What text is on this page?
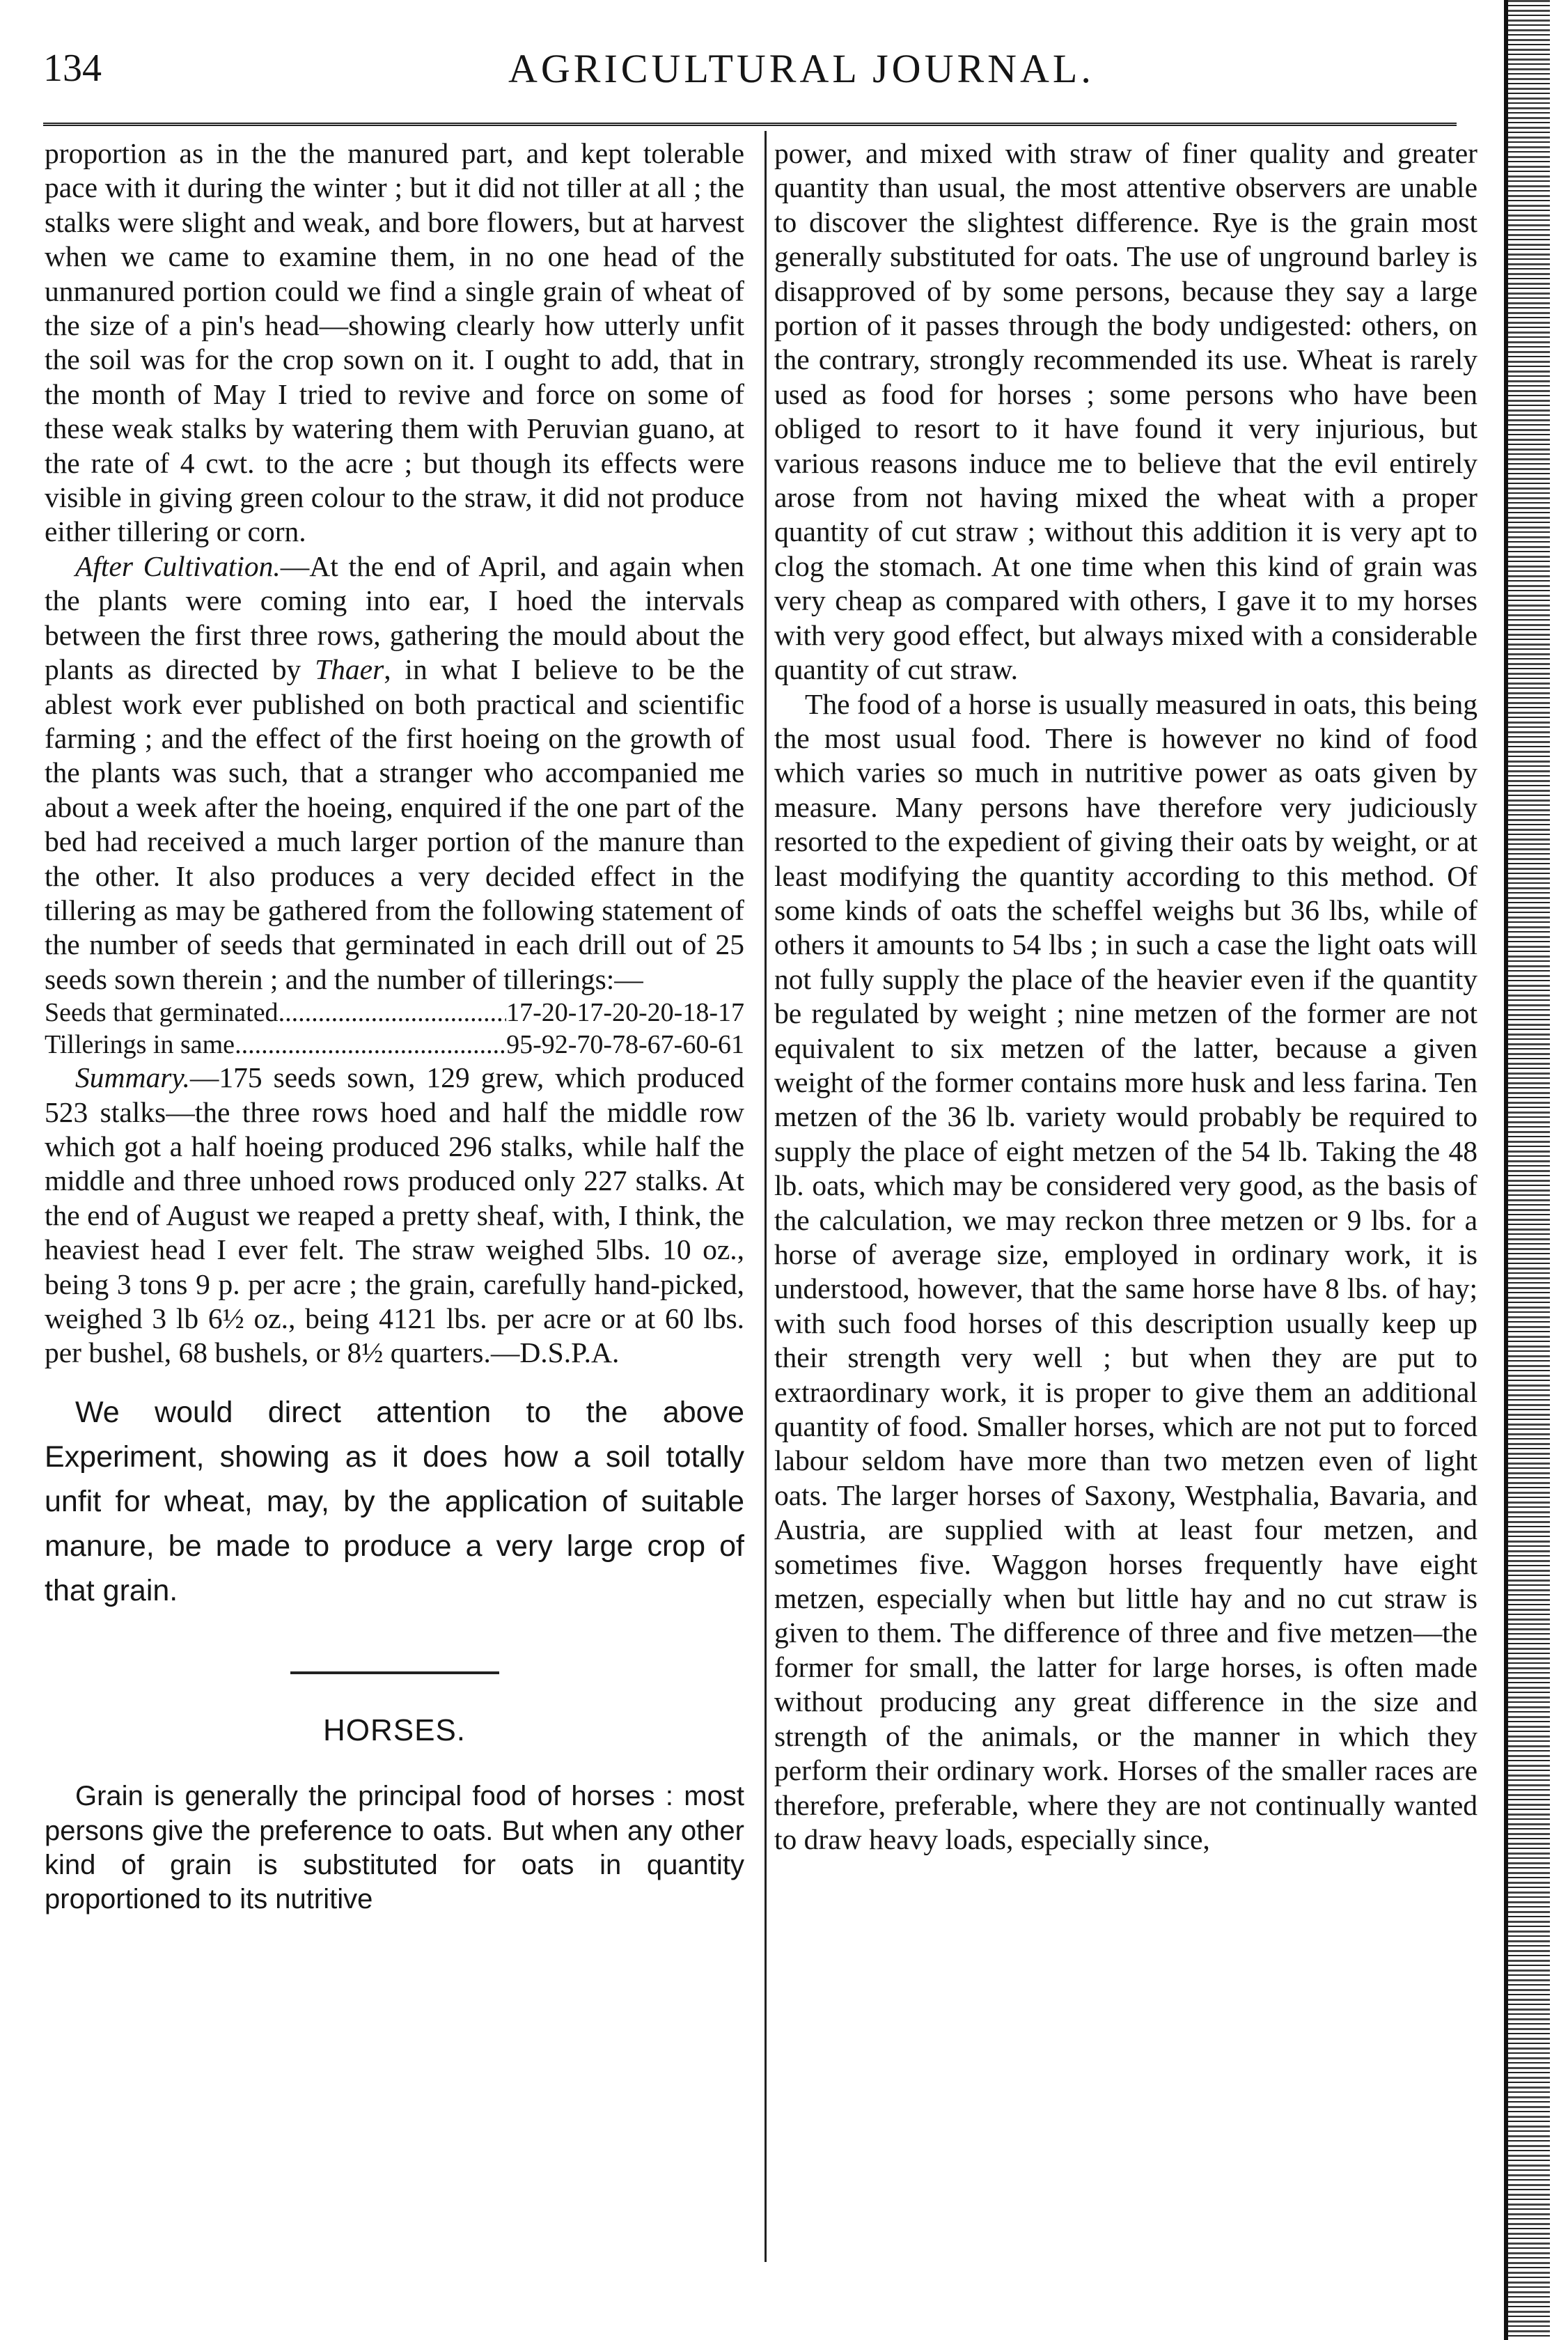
134	AGRICULTURAL JOURNAL.

proportion as in the the manured part, and kept tolerable pace with it during the winter ; but it did not tiller at all ; the stalks were slight and weak, and bore flowers, but at harvest when we came to examine them, in no one head of the unmanured portion could we find a single grain of wheat of the size of a pin's head—showing clearly how utterly unfit the soil was for the crop sown on it. I ought to add, that in the month of May I tried to revive and force on some of these weak stalks by watering them with Peruvian guano, at the rate of 4 cwt. to the acre ; but though its effects were visible in giving green colour to the straw, it did not produce either tillering or corn.

After Cultivation.—At the end of April, and again when the plants were coming into ear, I hoed the intervals between the first three rows, gathering the mould about the plants as directed by Thaer, in what I believe to be the ablest work ever published on both practical and scientific farming ; and the effect of the first hoeing on the growth of the plants was such, that a stranger who accompanied me about a week after the hoeing, enquired if the one part of the bed had received a much larger portion of the manure than the other. It also produces a very decided effect in the tillering as may be gathered from the following statement of the number of seeds that germinated in each drill out of 25 seeds sown therein ; and the number of tillerings:—

Seeds that germinated .....	17-20-17-20-20-18-17
Tillerings in same .....	95-92-70-78-67-60-61

Summary.—175 seeds sown, 129 grew, which produced 523 stalks—the three rows hoed and half the middle row which got a half hoeing produced 296 stalks, while half the middle and three unhoed rows produced only 227 stalks. At the end of August we reaped a pretty sheaf, with, I think, the heaviest head I ever felt. The straw weighed 5lbs. 10 oz., being 3 tons 9 p. per acre ; the grain, carefully hand-picked, weighed 3 lb 6½ oz., being 4121 lbs. per acre or at 60 lbs. per bushel, 68 bushels, or 8½ quarters.—D.S.P.A.

We would direct attention to the above Experiment, showing as it does how a soil totally unfit for wheat, may, by the application of suitable manure, be made to produce a very large crop of that grain.

HORSES.

Grain is generally the principal food of horses : most persons give the preference to oats. But when any other kind of grain is substituted for oats in quantity proportioned to its nutritive

power, and mixed with straw of finer quality and greater quantity than usual, the most attentive observers are unable to discover the slightest difference. Rye is the grain most generally substituted for oats. The use of unground barley is disapproved of by some persons, because they say a large portion of it passes through the body undigested: others, on the contrary, strongly recommended its use. Wheat is rarely used as food for horses ; some persons who have been obliged to resort to it have found it very injurious, but various reasons induce me to believe that the evil entirely arose from not having mixed the wheat with a proper quantity of cut straw ; without this addition it is very apt to clog the stomach. At one time when this kind of grain was very cheap as compared with others, I gave it to my horses with very good effect, but always mixed with a considerable quantity of cut straw.

The food of a horse is usually measured in oats, this being the most usual food. There is however no kind of food which varies so much in nutritive power as oats given by measure. Many persons have therefore very judiciously resorted to the expedient of giving their oats by weight, or at least modifying the quantity according to this method. Of some kinds of oats the scheffel weighs but 36 lbs, while of others it amounts to 54 lbs ; in such a case the light oats will not fully supply the place of the heavier even if the quantity be regulated by weight ; nine metzen of the former are not equivalent to six metzen of the latter, because a given weight of the former contains more husk and less farina. Ten metzen of the 36 lb. variety would probably be required to supply the place of eight metzen of the 54 lb. Taking the 48 lb. oats, which may be considered very good, as the basis of the calculation, we may reckon three metzen or 9 lbs. for a horse of average size, employed in ordinary work, it is understood, however, that the same horse have 8 lbs. of hay; with such food horses of this description usually keep up their strength very well ; but when they are put to extraordinary work, it is proper to give them an additional quantity of food. Smaller horses, which are not put to forced labour seldom have more than two metzen even of light oats. The larger horses of Saxony, Westphalia, Bavaria, and Austria, are supplied with at least four metzen, and sometimes five. Waggon horses frequently have eight metzen, especially when but little hay and no cut straw is given to them. The difference of three and five metzen—the former for small, the latter for large horses, is often made without producing any great difference in the size and strength of the animals, or the manner in which they perform their ordinary work. Horses of the smaller races are therefore, preferable, where they are not continually wanted to draw heavy loads, especially since,
